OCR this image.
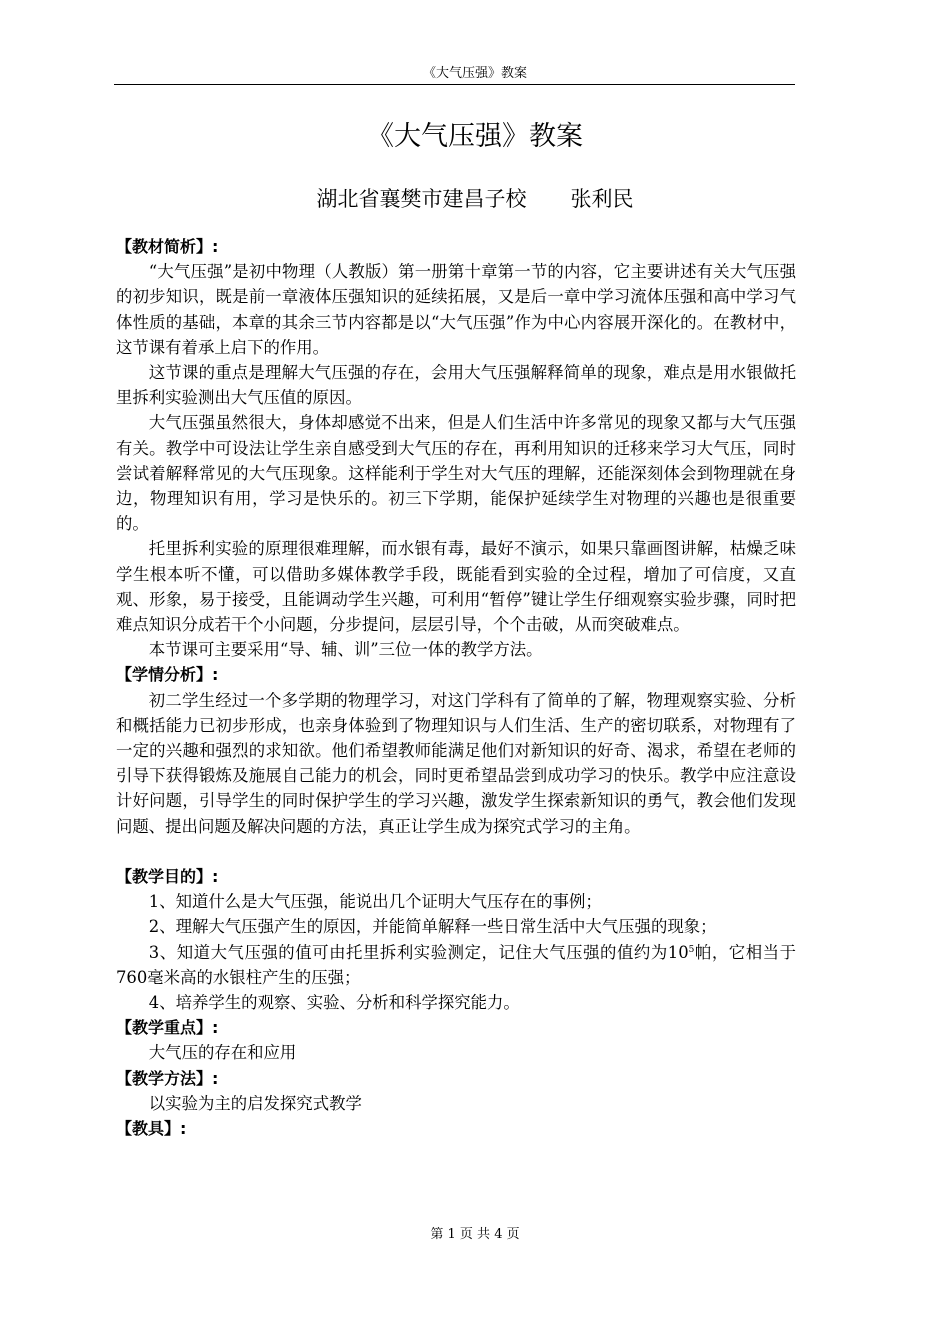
《大气压强》教案
《大气压强》教案
湖北省襄樊市建昌子校 张利民

【教材简析】:

“大气压强”是初中物理（人教版）第一册第十章第一节的内容，它主要讲述有关大气压强的初步知识，既是前一章液体压强知识的延续拓展，又是后一章中学习流体压强和高中学习气体性质的基础，本章的其余三节内容都是以“大气压强”作为中心内容展开深化的。在教材中，这节课有着承上启下的作用。

这节课的重点是理解大气压强的存在，会用大气压强解释简单的现象，难点是用水银做托里拆利实验测出大气压值的原因。

大气压强虽然很大，身体却感觉不出来，但是人们生活中许多常见的现象又都与大气压强有关。教学中可设法让学生亲自感受到大气压的存在，再利用知识的迁移来学习大气压，同时尝试着解释常见的大气压现象。这样能利于学生对大气压的理解，还能深刻体会到物理就在身边，物理知识有用，学习是快乐的。初三下学期，能保护延续学生对物理的兴趣也是很重要的。

托里拆利实验的原理很难理解，而水银有毒，最好不演示，如果只靠画图讲解，枯燥乏味学生根本听不懂，可以借助多媒体教学手段，既能看到实验的全过程，增加了可信度，又直观、形象，易于接受，且能调动学生兴趣，可利用“暂停”键让学生仔细观察实验步骤，同时把难点知识分成若干个小问题，分步提问，层层引导，个个击破，从而突破难点。

本节课可主要采用“导、辅、训”三位一体的教学方法。

【学情分析】:

初二学生经过一个多学期的物理学习，对这门学科有了简单的了解，物理观察实验、分析和概括能力已初步形成，也亲身体验到了物理知识与人们生活、生产的密切联系，对物理有了一定的兴趣和强烈的求知欲。他们希望教师能满足他们对新知识的好奇、渴求，希望在老师的引导下获得锻炼及施展自己能力的机会，同时更希望品尝到成功学习的快乐。教学中应注意设计好问题，引导学生的同时保护学生的学习兴趣，激发学生探索新知识的勇气，教会他们发现问题、提出问题及解决问题的方法，真正让学生成为探究式学习的主角。

【教学目的】:

1、知道什么是大气压强，能说出几个证明大气压存在的事例；

2、理解大气压强产生的原因，并能简单解释一些日常生活中大气压强的现象；

3、知道大气压强的值可由托里拆利实验测定，记住大气压强的值约为$10^5$帕，它相当于760毫米高的水银柱产生的压强；

4、培养学生的观察、实验、分析和科学探究能力。

【教学重点】:

大气压的存在和应用

【教学方法】:

以实验为主的启发探究式教学

【教具】:

第 1 页 共 4 页
